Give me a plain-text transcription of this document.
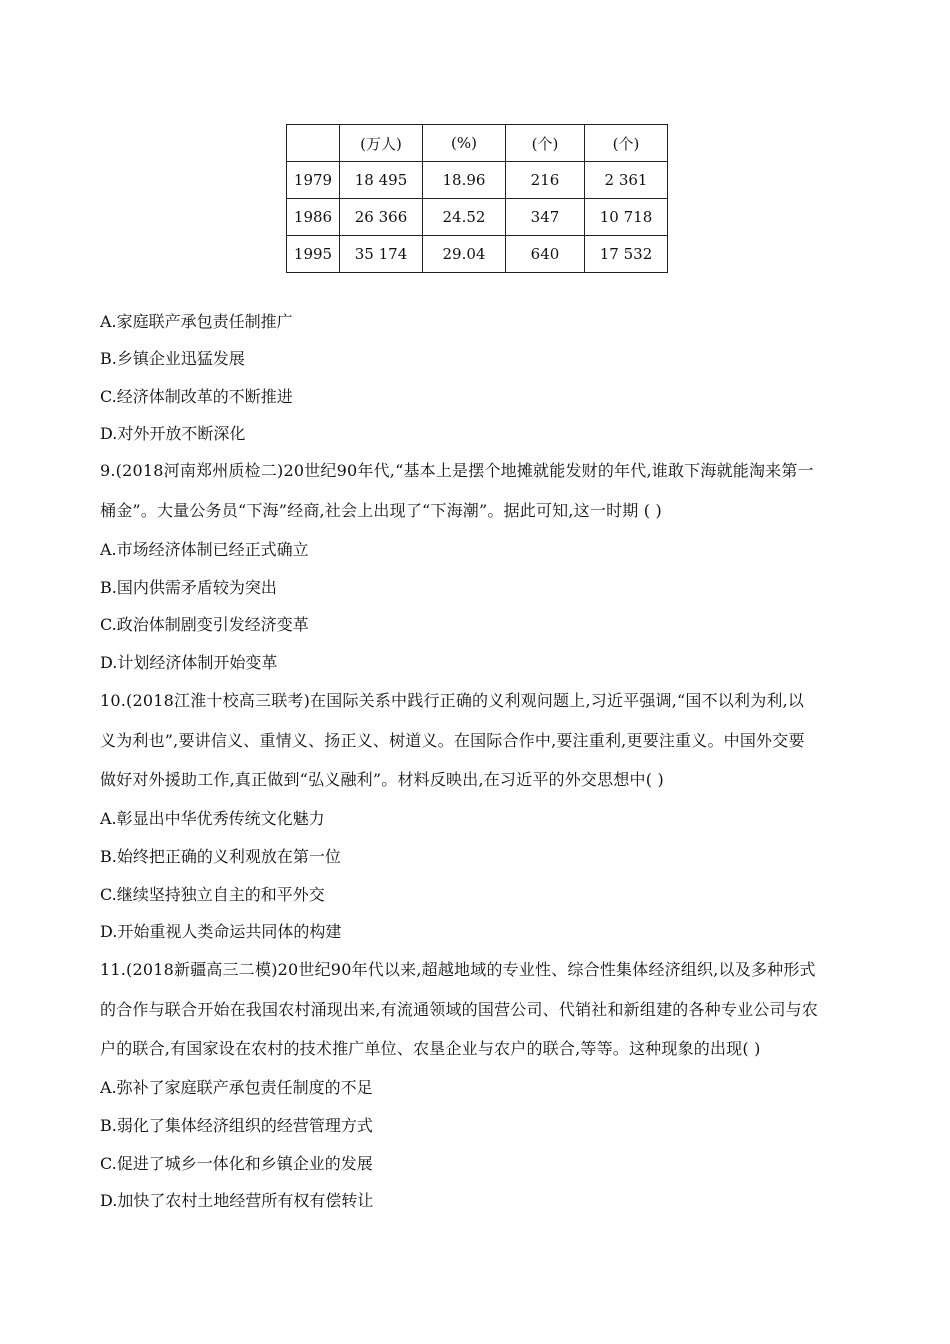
	(万人)	(%)	(个)	(个)
1979	18 495	18.96	216	2 361
1986	26 366	24.52	347	10 718
1995	35 174	29.04	640	17 532
A.家庭联产承包责任制推广
B.乡镇企业迅猛发展
C.经济体制改革的不断推进
D.对外开放不断深化
9.(2018河南郑州质检二)20世纪90年代,“基本上是摆个地摊就能发财的年代,谁敢下海就能淘来第一
桶金”。大量公务员“下海”经商,社会上出现了“下海潮”。据此可知,这一时期 ( )
A.市场经济体制已经正式确立
B.国内供需矛盾较为突出
C.政治体制剧变引发经济变革
D.计划经济体制开始变革
10.(2018江淮十校高三联考)在国际关系中践行正确的义利观问题上,习近平强调,“国不以利为利,以
义为利也”,要讲信义、重情义、扬正义、树道义。在国际合作中,要注重利,更要注重义。中国外交要
做好对外援助工作,真正做到“弘义融利”。材料反映出,在习近平的外交思想中( )
A.彰显出中华优秀传统文化魅力
B.始终把正确的义利观放在第一位
C.继续坚持独立自主的和平外交
D.开始重视人类命运共同体的构建
11.(2018新疆高三二模)20世纪90年代以来,超越地域的专业性、综合性集体经济组织,以及多种形式
的合作与联合开始在我国农村涌现出来,有流通领域的国营公司、代销社和新组建的各种专业公司与农
户的联合,有国家设在农村的技术推广单位、农垦企业与农户的联合,等等。这种现象的出现( )
A.弥补了家庭联产承包责任制度的不足
B.弱化了集体经济组织的经营管理方式
C.促进了城乡一体化和乡镇企业的发展
D.加快了农村土地经营所有权有偿转让
